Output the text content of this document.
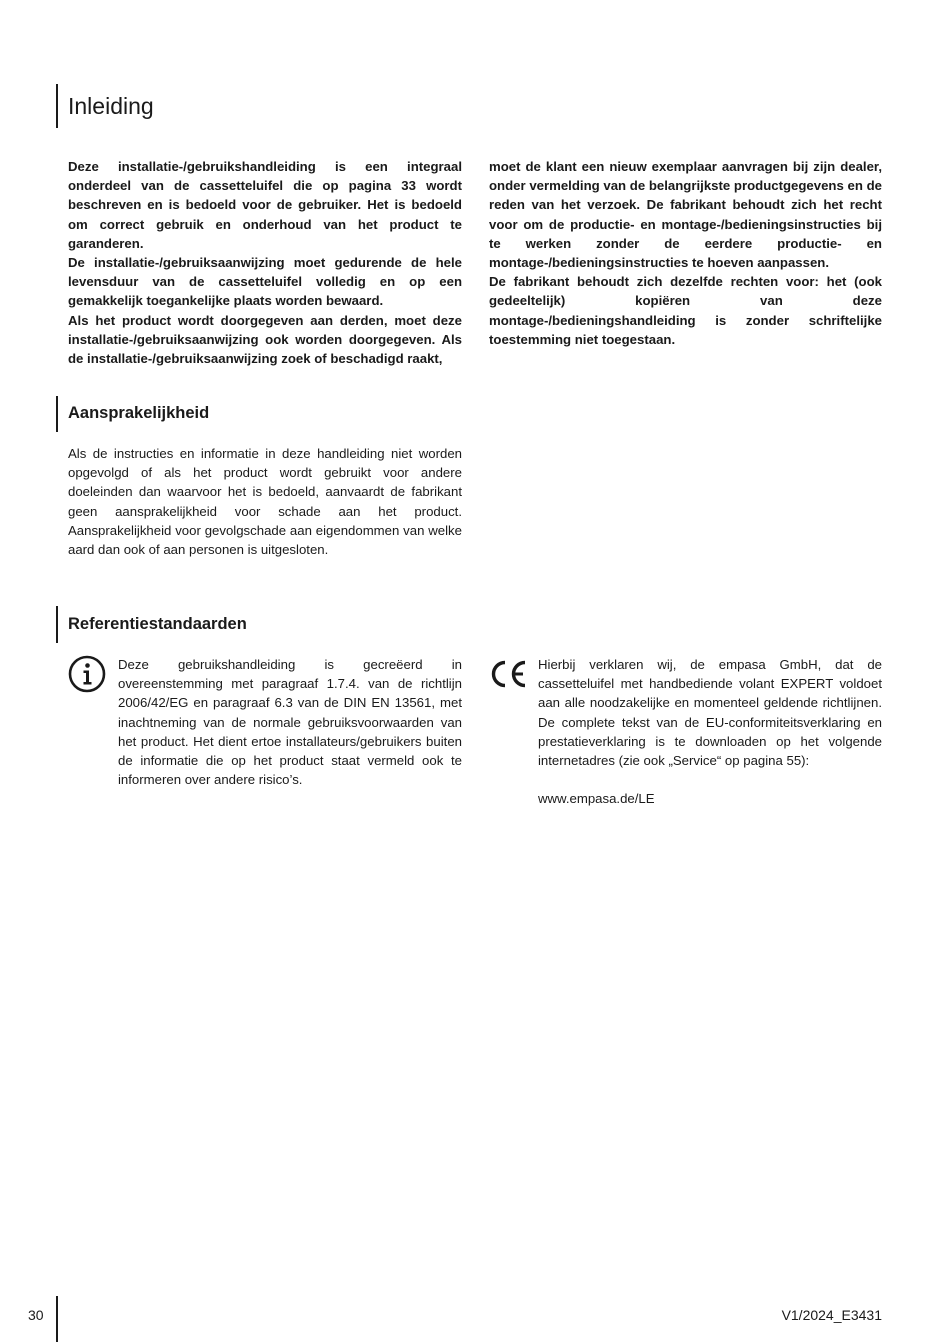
Inleiding

Deze installatie-/gebruikshandleiding is een integraal onderdeel van de cassetteluifel die op pagina 33 wordt beschreven en is bedoeld voor de gebruiker. Het is bedoeld om correct gebruik en onderhoud van het product te garanderen.

De installatie-/gebruiksaanwijzing moet gedurende de hele levensduur van de cassetteluifel volledig en op een gemakkelijk toegankelijke plaats worden bewaard.

Als het product wordt doorgegeven aan derden, moet deze installatie-/gebruiksaanwijzing ook worden doorgegeven. Als de installatie-/gebruiksaanwijzing zoek of beschadigd raakt,

moet de klant een nieuw exemplaar aanvragen bij zijn dealer, onder vermelding van de belangrijkste productgegevens en de reden van het verzoek. De fabrikant behoudt zich het recht voor om de productie- en montage-/bedieningsinstructies bij te werken zonder de eerdere productie- en montage-/bedieningsinstructies te hoeven aanpassen.

De fabrikant behoudt zich dezelfde rechten voor: het (ook gedeeltelijk) kopiëren van deze montage-/bedieningshandleiding is zonder schriftelijke toestemming niet toegestaan.

Aansprakelijkheid

Als de instructies en informatie in deze handleiding niet worden opgevolgd of als het product wordt gebruikt voor andere doeleinden dan waarvoor het is bedoeld, aanvaardt de fabrikant geen aansprakelijkheid voor schade aan het product. Aansprakelijkheid voor gevolgschade aan eigendommen van welke aard dan ook of aan personen is uitgesloten.

Referentiestandaarden

Deze gebruikshandleiding is gecreëerd in overeenstemming met paragraaf 1.7.4. van de richtlijn 2006/42/EG en paragraaf 6.3 van de DIN EN 13561, met inachtneming van de normale gebruiksvoorwaarden van het product. Het dient ertoe installateurs/gebruikers buiten de informatie die op het product staat vermeld ook te informeren over andere risico’s.

Hierbij verklaren wij, de empasa GmbH, dat de cassetteluifel met handbediende volant EXPERT voldoet aan alle noodzakelijke en momenteel geldende richtlijnen. De complete tekst van de EU-conformiteitsverklaring en prestatieverklaring is te downloaden op het volgende internetadres (zie ook „Service“ op pagina 55):

www.empasa.de/LE

30	V1/2024_E3431
